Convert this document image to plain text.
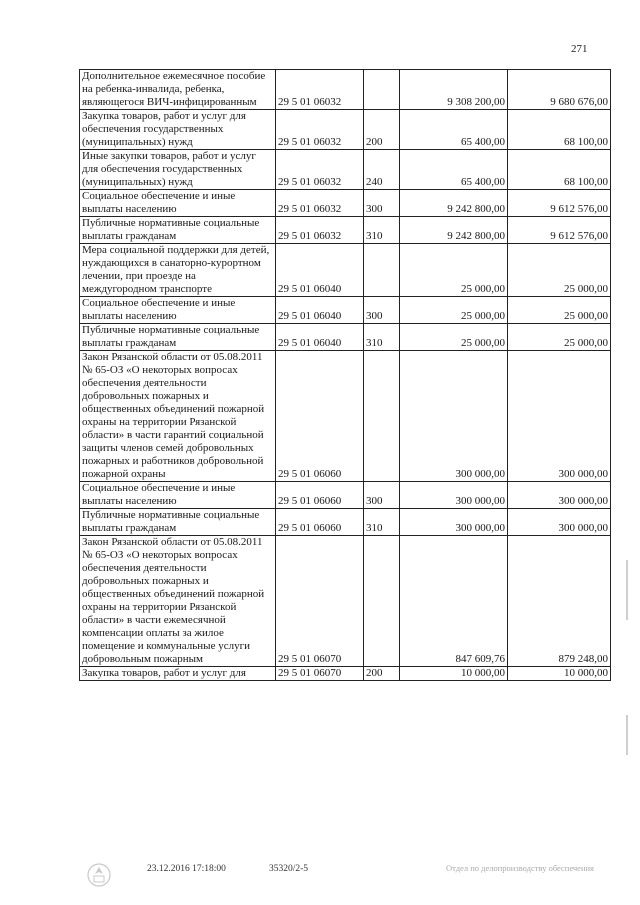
271
Дополнительное ежемесячное пособие на ребенка-инвалида, ребенка, являющегося ВИЧ-инфицированным	29 5 01 06032		9 308 200,00	9 680 676,00
Закупка товаров, работ и услуг для обеспечения государственных (муниципальных) нужд	29 5 01 06032	200	65 400,00	68 100,00
Иные закупки товаров, работ и услуг для обеспечения государственных (муниципальных) нужд	29 5 01 06032	240	65 400,00	68 100,00
Социальное обеспечение и иные выплаты населению	29 5 01 06032	300	9 242 800,00	9 612 576,00
Публичные нормативные социальные выплаты гражданам	29 5 01 06032	310	9 242 800,00	9 612 576,00
Мера социальной поддержки для детей, нуждающихся в санаторно-курортном лечении, при проезде на междугородном транспорте	29 5 01 06040		25 000,00	25 000,00
Социальное обеспечение и иные выплаты населению	29 5 01 06040	300	25 000,00	25 000,00
Публичные нормативные социальные выплаты гражданам	29 5 01 06040	310	25 000,00	25 000,00
Закон Рязанской области от 05.08.2011 № 65-ОЗ «О некоторых вопросах обеспечения деятельности добровольных пожарных и общественных объединений пожарной охраны на территории Рязанской области» в части гарантий социальной защиты членов семей добровольных пожарных и работников добровольной пожарной охраны	29 5 01 06060		300 000,00	300 000,00
Социальное обеспечение и иные выплаты населению	29 5 01 06060	300	300 000,00	300 000,00
Публичные нормативные социальные выплаты гражданам	29 5 01 06060	310	300 000,00	300 000,00
Закон Рязанской области от 05.08.2011 № 65-ОЗ «О некоторых вопросах обеспечения деятельности добровольных пожарных и общественных объединений пожарной охраны на территории Рязанской области» в части ежемесячной компенсации оплаты за жилое помещение и коммунальные услуги добровольным пожарным	29 5 01 06070		847 609,76	879 248,00
Закупка товаров, работ и услуг для	29 5 01 06070	200	10 000,00	10 000,00
23.12.2016 17:18:00	35320/2-5	Отдел по делопроизводству обеспечения
